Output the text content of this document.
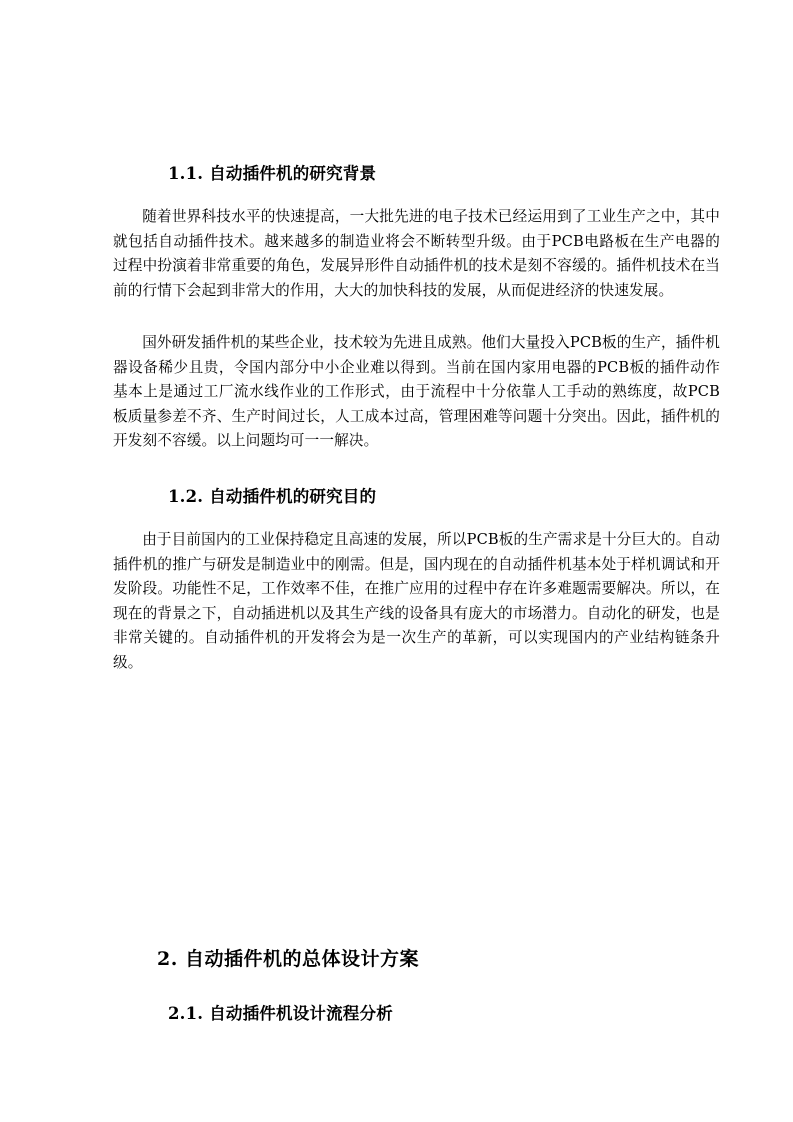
1.1. 自动插件机的研究背景

随着世界科技水平的快速提高，一大批先进的电子技术已经运用到了工业生产之中，其中就包括自动插件技术。越来越多的制造业将会不断转型升级。由于PCB电路板在生产电器的过程中扮演着非常重要的角色，发展异形件自动插件机的技术是刻不容缓的。插件机技术在当前的行情下会起到非常大的作用，大大的加快科技的发展，从而促进经济的快速发展。

国外研发插件机的某些企业，技术较为先进且成熟。他们大量投入PCB板的生产，插件机器设备稀少且贵，令国内部分中小企业难以得到。当前在国内家用电器的PCB板的插件动作基本上是通过工厂流水线作业的工作形式，由于流程中十分依靠人工手动的熟练度，故PCB板质量参差不齐、生产时间过长，人工成本过高，管理困难等问题十分突出。因此，插件机的开发刻不容缓。以上问题均可一一解决。

1.2. 自动插件机的研究目的

由于目前国内的工业保持稳定且高速的发展，所以PCB板的生产需求是十分巨大的。自动插件机的推广与研发是制造业中的刚需。但是，国内现在的自动插件机基本处于样机调试和开发阶段。功能性不足，工作效率不佳，在推广应用的过程中存在许多难题需要解决。所以，在现在的背景之下，自动插进机以及其生产线的设备具有庞大的市场潜力。自动化的研发，也是非常关键的。自动插件机的开发将会为是一次生产的革新，可以实现国内的产业结构链条升级。

2. 自动插件机的总体设计方案
2.1. 自动插件机设计流程分析
